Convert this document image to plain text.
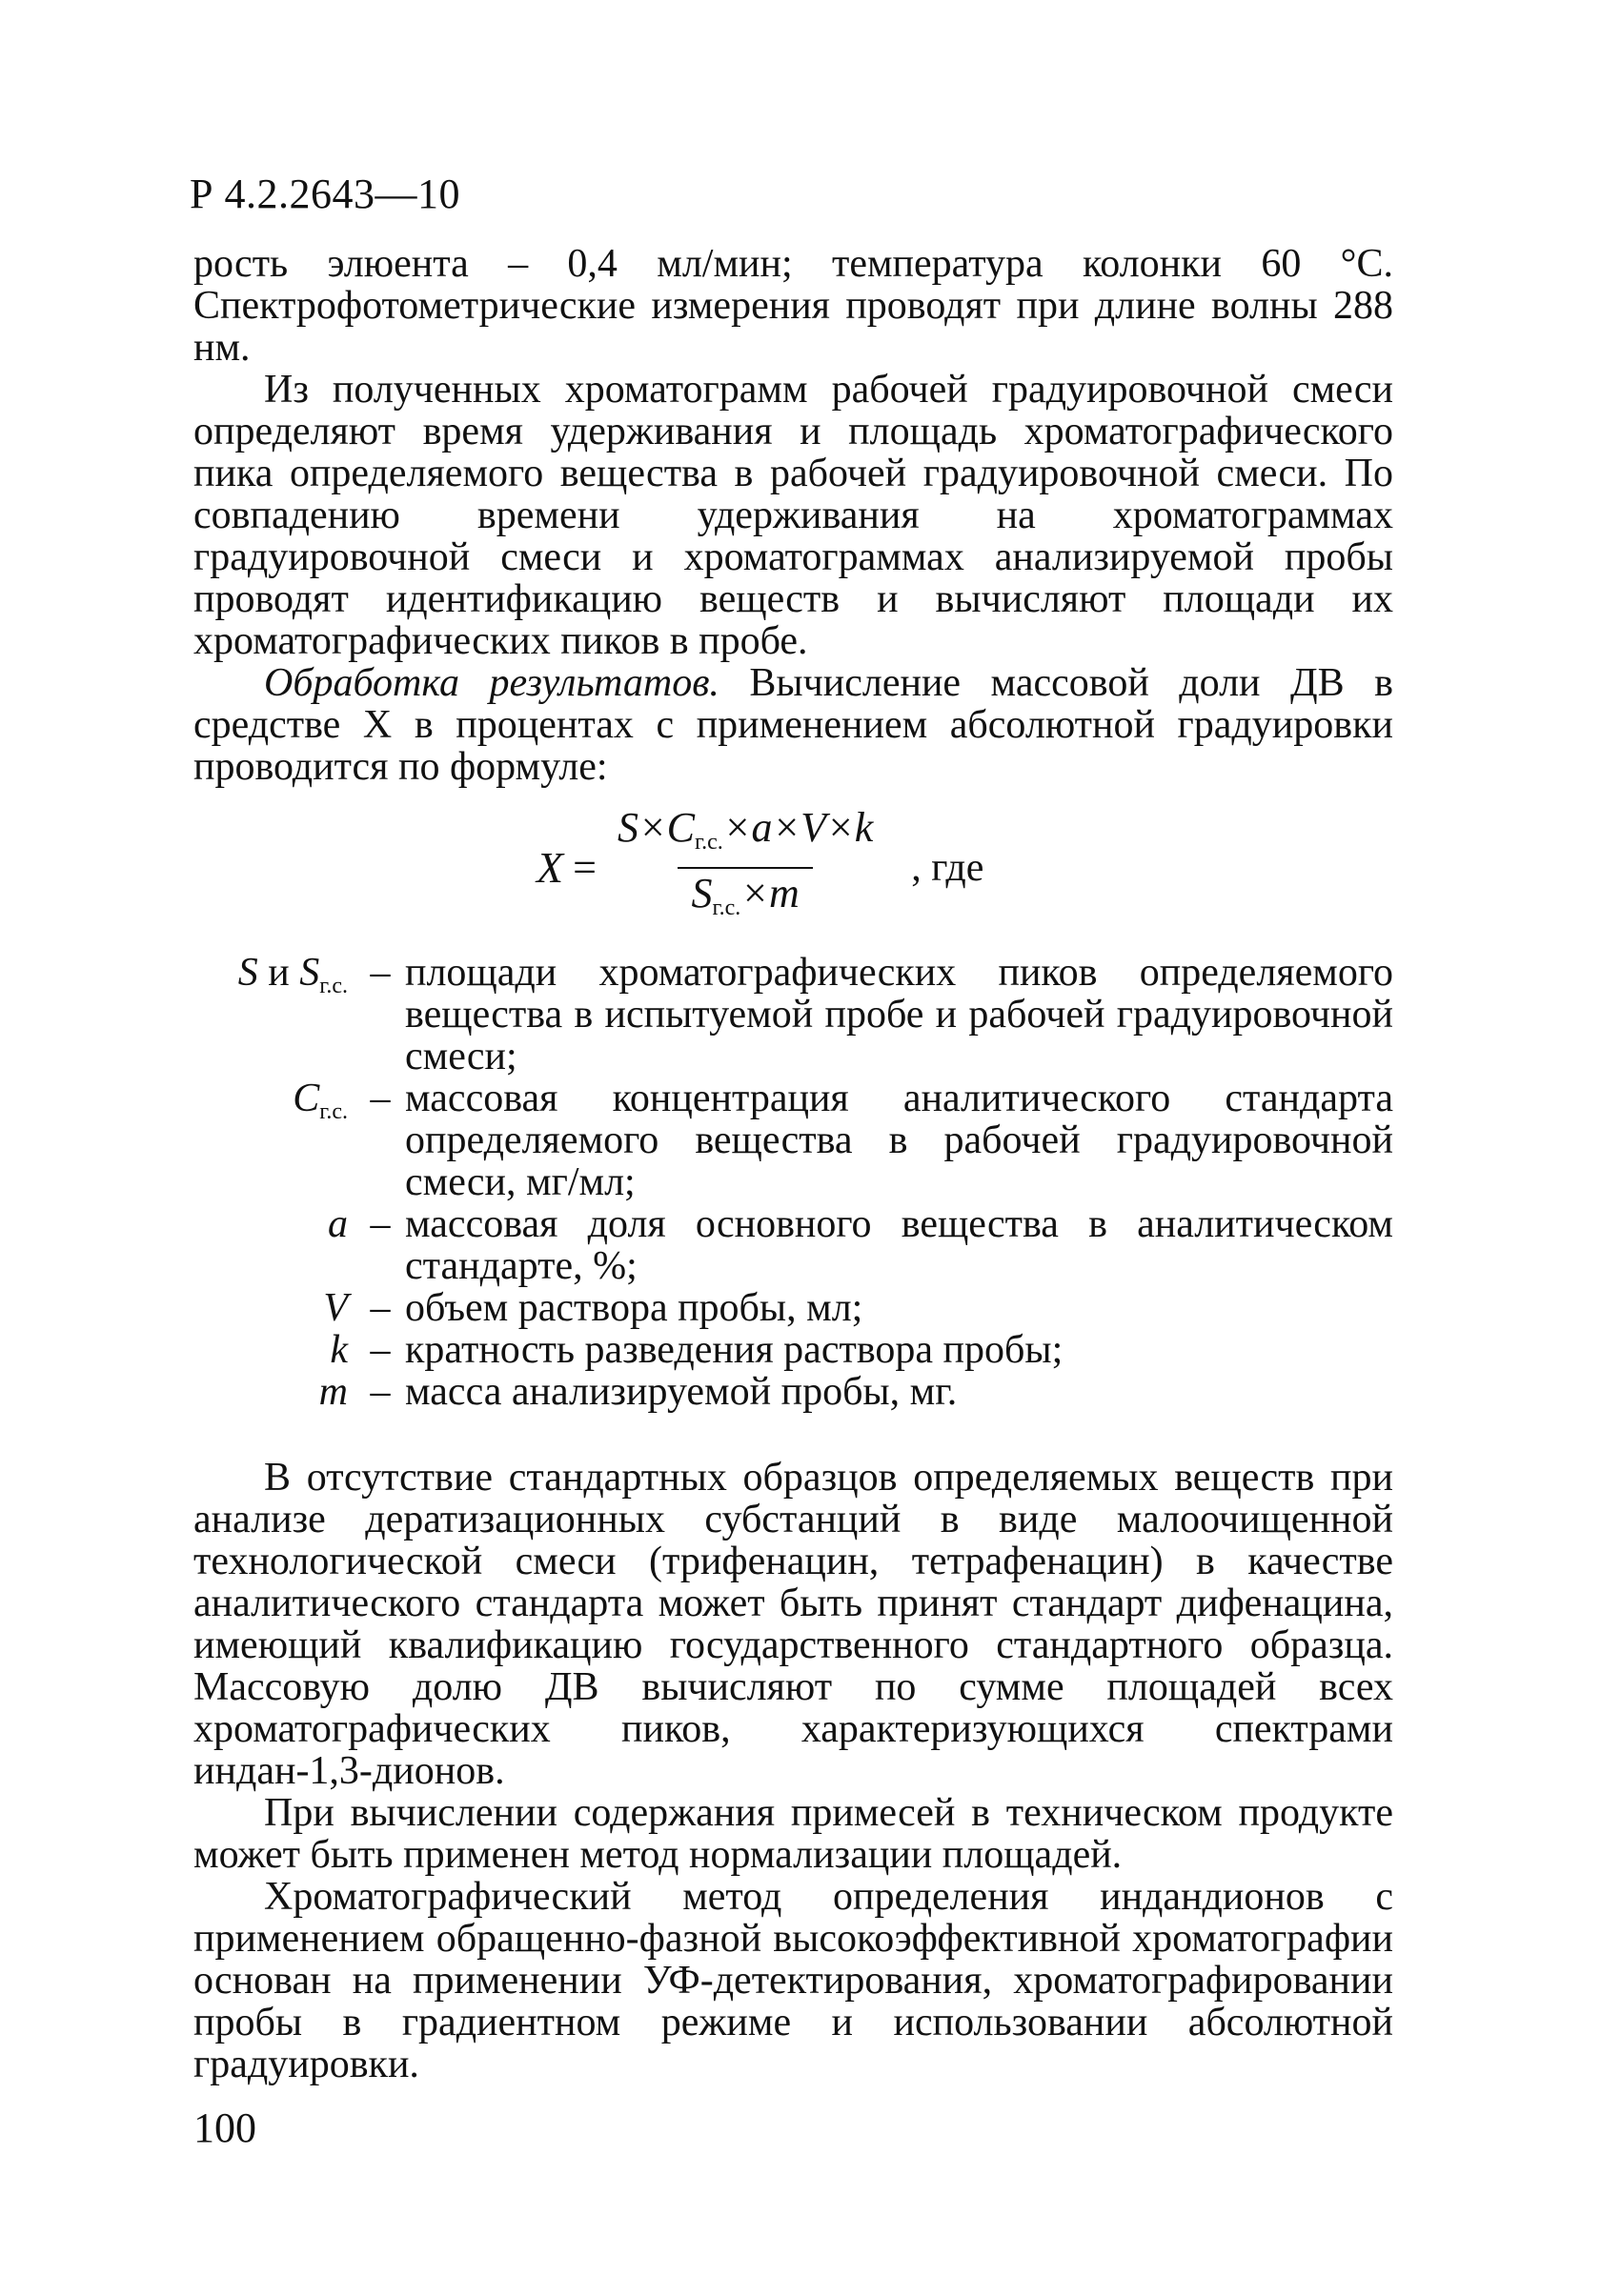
Р 4.2.2643—10

рость элюента – 0,4 мл/мин; температура колонки 60 °С. Спектрофотометрические измерения проводят при длине волны 288 нм.

Из полученных хроматограмм рабочей градуировочной смеси определяют время удерживания и площадь хроматографического пика определяемого вещества в рабочей градуировочной смеси. По совпадению времени удерживания на хроматограммах градуировочной смеси и хроматограммах анализируемой пробы проводят идентификацию веществ и вычисляют площади их хроматографических пиков в пробе.

Обработка результатов. Вычисление массовой доли ДВ в средстве X в процентах с применением абсолютной градуировки проводится по формуле:

$X = \frac{S\times C_{г.с.}\times a\times V\times k}{S_{г.с.}\times m}$ , где
S и $S_{г.с.}$ – площади хроматографических пиков определяемого вещества в испытуемой пробе и рабочей градуировочной смеси;
$C_{г.с.}$ – массовая концентрация аналитического стандарта определяемого вещества в рабочей градуировочной смеси, мг/мл;
a – массовая доля основного вещества в аналитическом стандарте, %;
V – объем раствора пробы, мл;
k – кратность разведения раствора пробы;
m – масса анализируемой пробы, мг.

В отсутствие стандартных образцов определяемых веществ при анализе дератизационных субстанций в виде малоочищенной технологической смеси (трифенацин, тетрафенацин) в качестве аналитического стандарта может быть принят стандарт дифенацина, имеющий квалификацию государственного стандартного образца. Массовую долю ДВ вычисляют по сумме площадей всех хроматографических пиков, характеризующихся спектрами индан-1,3-дионов.

При вычислении содержания примесей в техническом продукте может быть применен метод нормализации площадей.

Хроматографический метод определения индандионов с применением обращенно-фазной высокоэффективной хроматографии основан на применении УФ-детектирования, хроматографировании пробы в градиентном режиме и использовании абсолютной градуировки.

100
